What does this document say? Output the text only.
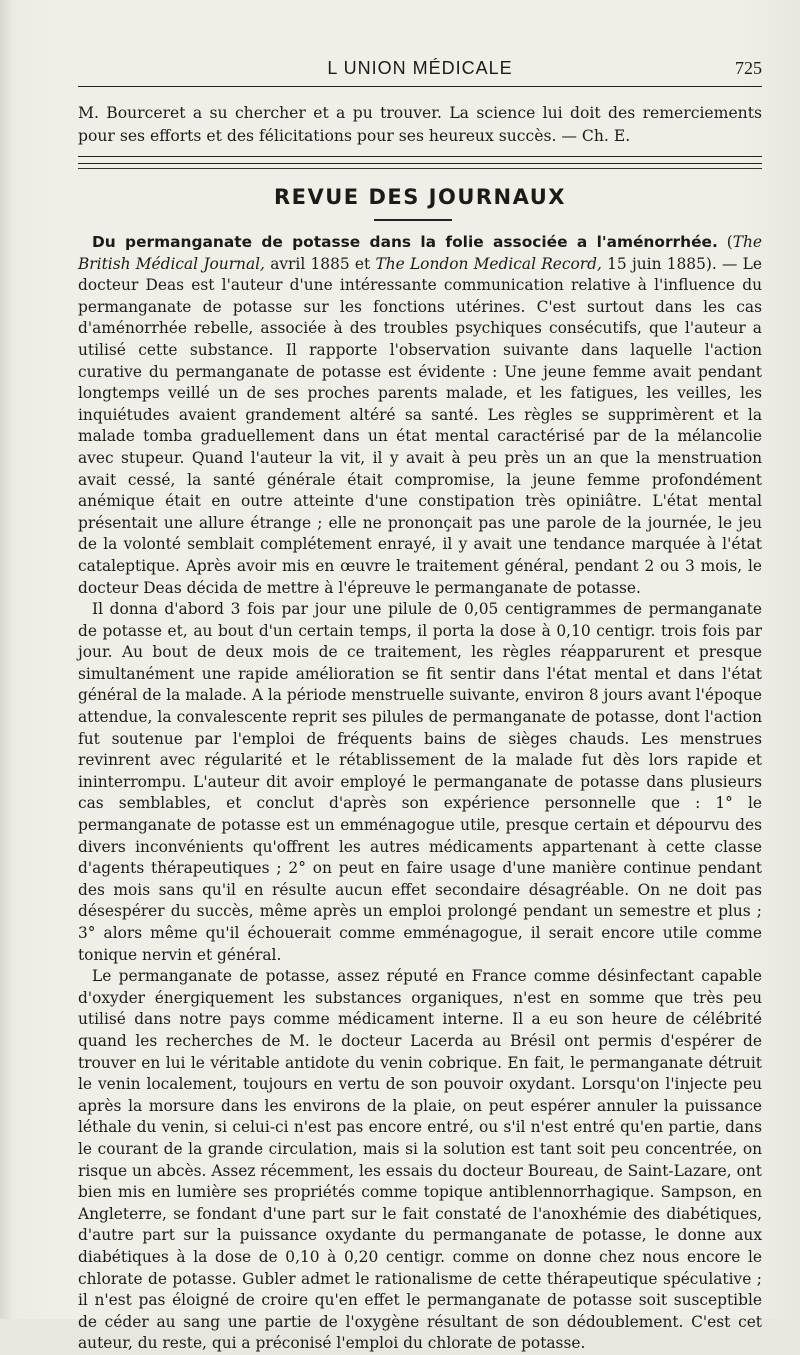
L UNION MÉDICALE	725
M. Bourceret a su chercher et a pu trouver. La science lui doit des remerciements pour ses efforts et des félicitations pour ses heureux succès. — Ch. E.
REVUE DES JOURNAUX

Du permanganate de potasse dans la folie associée a l'aménorrhée. (The British Médical Journal, avril 1885 et The London Medical Record, 15 juin 1885). — Le docteur Deas est l'auteur d'une intéressante communication relative à l'influence du permanganate de potasse sur les fonctions utérines. C'est surtout dans les cas d'aménorrhée rebelle, associée à des troubles psychiques consécutifs, que l'auteur a utilisé cette substance. Il rapporte l'observation suivante dans laquelle l'action curative du permanganate de potasse est évidente : Une jeune femme avait pendant longtemps veillé un de ses proches parents malade, et les fatigues, les veilles, les inquiétudes avaient grandement altéré sa santé. Les règles se supprimèrent et la malade tomba graduellement dans un état mental caractérisé par de la mélancolie avec stupeur. Quand l'auteur la vit, il y avait à peu près un an que la menstruation avait cessé, la santé générale était compromise, la jeune femme profondément anémique était en outre atteinte d'une constipation très opiniâtre. L'état mental présentait une allure étrange ; elle ne prononçait pas une parole de la journée, le jeu de la volonté semblait complétement enrayé, il y avait une tendance marquée à l'état cataleptique. Après avoir mis en œuvre le traitement général, pendant 2 ou 3 mois, le docteur Deas décida de mettre à l'épreuve le permanganate de potasse.

Il donna d'abord 3 fois par jour une pilule de 0,05 centigrammes de permanganate de potasse et, au bout d'un certain temps, il porta la dose à 0,10 centigr. trois fois par jour. Au bout de deux mois de ce traitement, les règles réapparurent et presque simultanément une rapide amélioration se fit sentir dans l'état mental et dans l'état général de la malade. A la période menstruelle suivante, environ 8 jours avant l'époque attendue, la convalescente reprit ses pilules de permanganate de potasse, dont l'action fut soutenue par l'emploi de fréquents bains de sièges chauds. Les menstrues revinrent avec régularité et le rétablissement de la malade fut dès lors rapide et ininterrompu. L'auteur dit avoir employé le permanganate de potasse dans plusieurs cas semblables, et conclut d'après son expérience personnelle que : 1° le permanganate de potasse est un emménagogue utile, presque certain et dépourvu des divers inconvénients qu'offrent les autres médicaments appartenant à cette classe d'agents thérapeutiques ; 2° on peut en faire usage d'une manière continue pendant des mois sans qu'il en résulte aucun effet secondaire désagréable. On ne doit pas désespérer du succès, même après un emploi prolongé pendant un semestre et plus ; 3° alors même qu'il échouerait comme emménagogue, il serait encore utile comme tonique nervin et général.

Le permanganate de potasse, assez réputé en France comme désinfectant capable d'oxyder énergiquement les substances organiques, n'est en somme que très peu utilisé dans notre pays comme médicament interne. Il a eu son heure de célébrité quand les recherches de M. le docteur Lacerda au Brésil ont permis d'espérer de trouver en lui le véritable antidote du venin cobrique. En fait, le permanganate détruit le venin localement, toujours en vertu de son pouvoir oxydant. Lorsqu'on l'injecte peu après la morsure dans les environs de la plaie, on peut espérer annuler la puissance léthale du venin, si celui-ci n'est pas encore entré, ou s'il n'est entré qu'en partie, dans le courant de la grande circulation, mais si la solution est tant soit peu concentrée, on risque un abcès. Assez récemment, les essais du docteur Boureau, de Saint-Lazare, ont bien mis en lumière ses propriétés comme topique antiblennorrhagique. Sampson, en Angleterre, se fondant d'une part sur le fait constaté de l'anoxhémie des diabétiques, d'autre part sur la puissance oxydante du permanganate de potasse, le donne aux diabétiques à la dose de 0,10 à 0,20 centigr. comme on donne chez nous encore le chlorate de potasse. Gubler admet le rationalisme de cette thérapeutique spéculative ; il n'est pas éloigné de croire qu'en effet le permanganate de potasse soit susceptible de céder au sang une partie de l'oxygène résultant de son dédoublement. C'est cet auteur, du reste, qui a préconisé l'emploi du chlorate de potasse.
